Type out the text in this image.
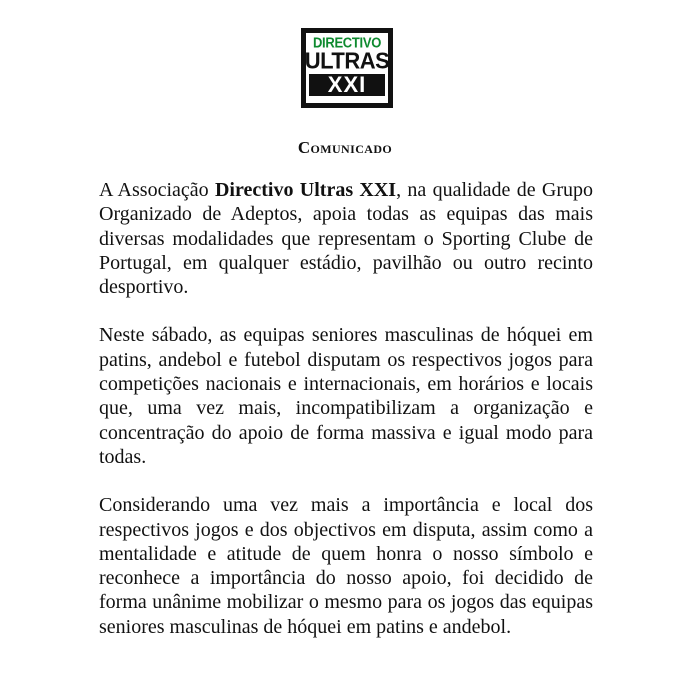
DIRECTIVO
ULTRAS
XXI
Comunicado

A Associação Directivo Ultras XXI, na qualidade de Grupo Organizado de Adeptos, apoia todas as equipas das mais diversas modalidades que representam o Sporting Clube de Portugal, em qualquer estádio, pavilhão ou outro recinto desportivo.

Neste sábado, as equipas seniores masculinas de hóquei em patins, andebol e futebol disputam os respectivos jogos para competições nacionais e internacionais, em horários e locais que, uma vez mais, incompatibilizam a organização e concentração do apoio de forma massiva e igual modo para todas.

Considerando uma vez mais a importância e local dos respectivos jogos e dos objectivos em disputa, assim como a mentalidade e atitude de quem honra o nosso símbolo e reconhece a importância do nosso apoio, foi decidido de forma unânime mobilizar o mesmo para os jogos das equipas seniores masculinas de hóquei em patins e andebol.
